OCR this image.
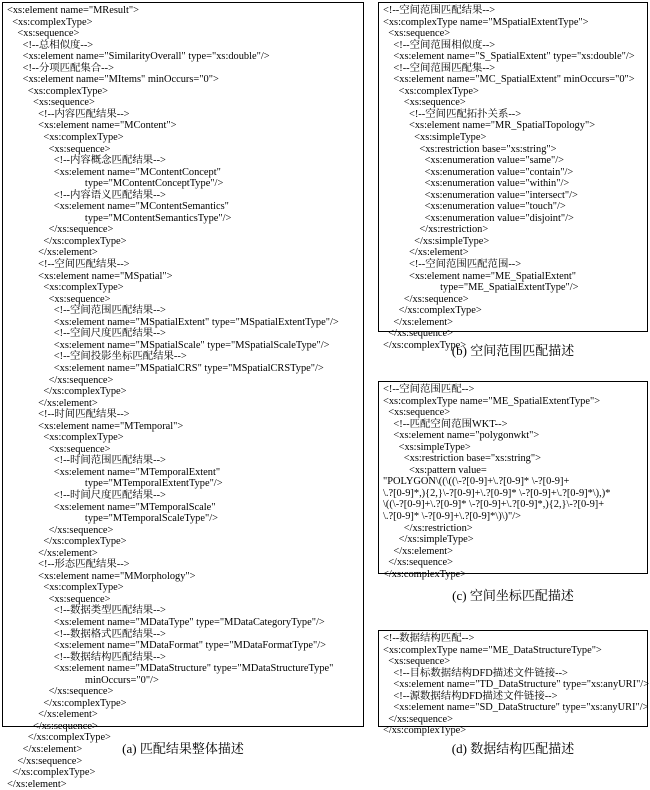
<xs:element name="MResult">
<xs:complexType>
<xs:sequence>
<!--总相似度-->
<xs:element name="SimilarityOverall" type="xs:double"/>
<!--分项匹配集合-->
<xs:element name="MItems" minOccurs="0">
<xs:complexType>
<xs:sequence>
<!--内容匹配结果-->
<xs:element name="MContent">
<xs:complexType>
<xs:sequence>
<!--内容概念匹配结果-->
<xs:element name="MContentConcept"
type="MContentConceptType"/>
<!--内容语义匹配结果-->
<xs:element name="MContentSemantics"
type="MContentSemanticsType"/>
</xs:sequence>
</xs:complexType>
</xs:element>
<!--空间匹配结果-->
<xs:element name="MSpatial">
<xs:complexType>
<xs:sequence>
<!--空间范围匹配结果-->
<xs:element name="MSpatialExtent" type="MSpatialExtentType"/>
<!--空间尺度匹配结果-->
<xs:element name="MSpatialScale" type="MSpatialScaleType"/>
<!--空间投影坐标匹配结果-->
<xs:element name="MSpatialCRS" type="MSpatialCRSType"/>
</xs:sequence>
</xs:complexType>
</xs:element>
<!--时间匹配结果-->
<xs:element name="MTemporal">
<xs:complexType>
<xs:sequence>
<!--时间范围匹配结果-->
<xs:element name="MTemporalExtent"
type="MTemporalExtentType"/>
<!--时间尺度匹配结果-->
<xs:element name="MTemporalScale"
type="MTemporalScaleType"/>
</xs:sequence>
</xs:complexType>
</xs:element>
<!--形态匹配结果-->
<xs:element name="MMorphology">
<xs:complexType>
<xs:sequence>
<!--数据类型匹配结果-->
<xs:element name="MDataType" type="MDataCategoryType"/>
<!--数据格式匹配结果-->
<xs:element name="MDataFormat" type="MDataFormatType"/>
<!--数据结构匹配结果-->
<xs:element name="MDataStructure" type="MDataStructureType"
minOccurs="0"/>
</xs:sequence>
</xs:complexType>
</xs:element>
</xs:sequence>
</xs:complexType>
</xs:element>
</xs:sequence>
</xs:complexType>
</xs:element>
(a) 匹配结果整体描述
<!--空间范围匹配结果-->
<xs:complexType name="MSpatialExtentType">
<xs:sequence>
<!--空间范围相似度-->
<xs:element name="S_SpatialExtent" type="xs:double"/>
<!--空间范围匹配集-->
<xs:element name="MC_SpatialExtent" minOccurs="0">
<xs:complexType>
<xs:sequence>
<!--空间匹配拓扑关系-->
<xs:element name="MR_SpatialTopology">
<xs:simpleType>
<xs:restriction base="xs:string">
<xs:enumeration value="same"/>
<xs:enumeration value="contain"/>
<xs:enumeration value="within"/>
<xs:enumeration value="intersect"/>
<xs:enumeration value="touch"/>
<xs:enumeration value="disjoint"/>
</xs:restriction>
</xs:simpleType>
</xs:element>
<!--空间范围匹配范围-->
<xs:element name="ME_SpatialExtent"
type="ME_SpatialExtentType"/>
</xs:sequence>
</xs:complexType>
</xs:element>
</xs:sequence>
</xs:complexType>
(b) 空间范围匹配描述
<!--空间范围匹配-->
<xs:complexType name="ME_SpatialExtentType">
<xs:sequence>
<!--匹配空间范围WKT-->
<xs:element name="polygonwkt">
<xs:simpleType>
<xs:restriction base="xs:string">
<xs:pattern value=
"POLYGON\((\((\-?[0-9]+\.?[0-9]* \-?[0-9]+
\.?[0-9]*,){2,}\-?[0-9]+\.?[0-9]* \-?[0-9]+\.?[0-9]*\),)*
\((\-?[0-9]+\.?[0-9]* \-?[0-9]+\.?[0-9]*,){2,}\-?[0-9]+
\.?[0-9]* \-?[0-9]+\.?[0-9]*\)\)"/>
</xs:restriction>
</xs:simpleType>
</xs:element>
</xs:sequence>
</xs:complexType>
(c) 空间坐标匹配描述
<!--数据结构匹配-->
<xs:complexType name="ME_DataStructureType">
<xs:sequence>
<!--目标数据结构DFD描述文件链接-->
<xs:element name="TD_DataStructure" type="xs:anyURI"/>
<!--源数据结构DFD描述文件链接-->
<xs:element name="SD_DataStructure" type="xs:anyURI"/>
</xs:sequence>
</xs:complexType>
(d) 数据结构匹配描述
